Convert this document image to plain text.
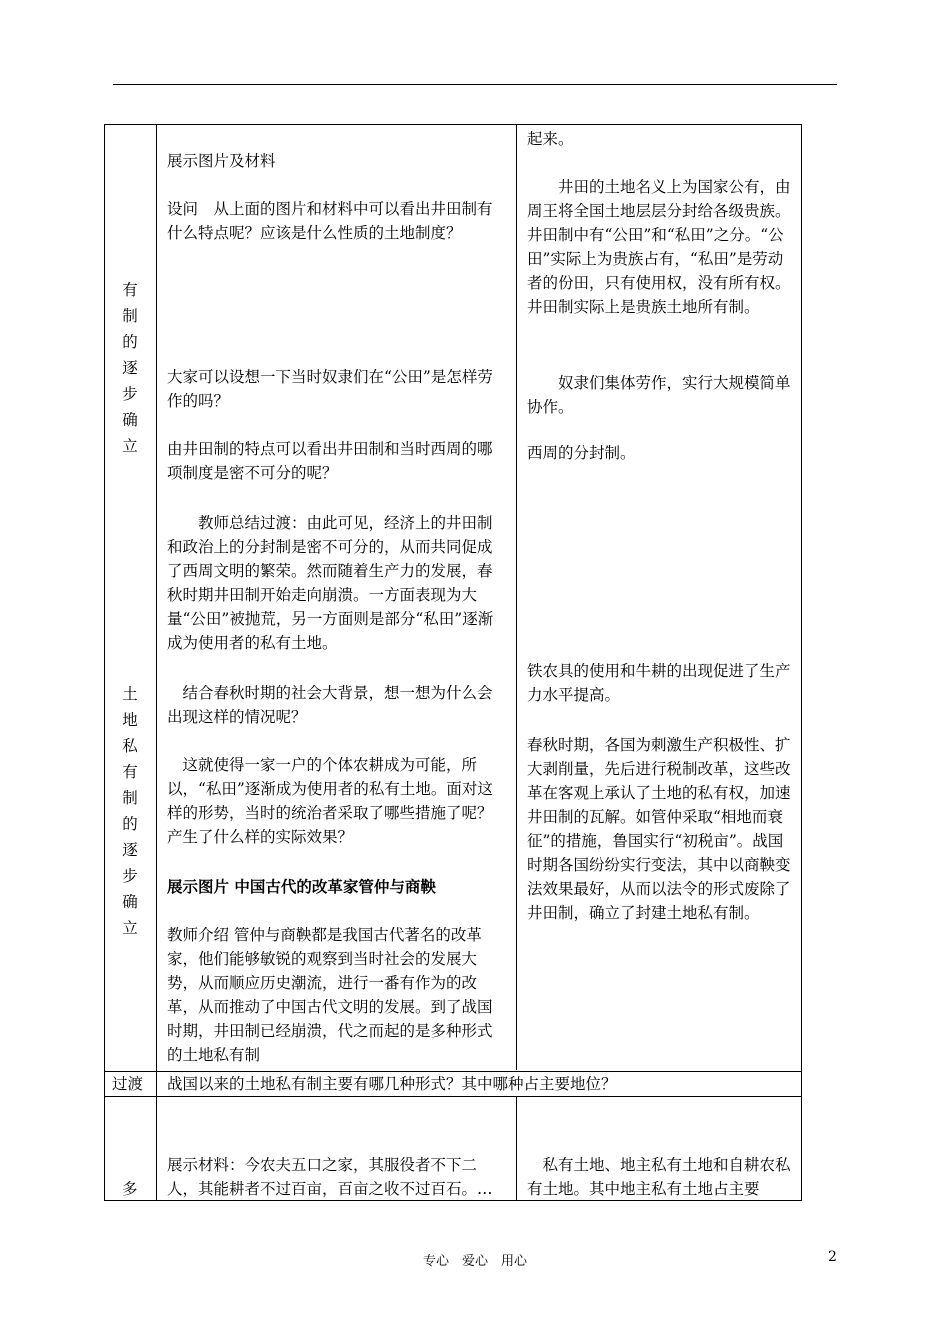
有
制
的
逐
步
确
立
土
地
私
有
制
的
逐
步
确
立
过渡
多

展示图片及材料

设问　从上面的图片和材料中可以看出井田制有什么特点呢？应该是什么性质的土地制度？

大家可以设想一下当时奴隶们在“公田”是怎样劳作的吗？

由井田制的特点可以看出井田制和当时西周的哪项制度是密不可分的呢？

　　教师总结过渡：由此可见，经济上的井田制和政治上的分封制是密不可分的，从而共同促成了西周文明的繁荣。然而随着生产力的发展，春秋时期井田制开始走向崩溃。一方面表现为大量“公田”被抛荒，另一方面则是部分“私田”逐渐成为使用者的私有土地。

　结合春秋时期的社会大背景，想一想为什么会出现这样的情况呢？

　这就使得一家一户的个体农耕成为可能，所以，“私田”逐渐成为使用者的私有土地。面对这样的形势，当时的统治者采取了哪些措施了呢？产生了什么样的实际效果？

展示图片 中国古代的改革家管仲与商鞅

教师介绍 管仲与商鞅都是我国古代著名的改革家，他们能够敏锐的观察到当时社会的发展大势，从而顺应历史潮流，进行一番有作为的改革，从而推动了中国古代文明的发展。到了战国时期，井田制已经崩溃，代之而起的是多种形式的土地私有制

战国以来的土地私有制主要有哪几种形式？其中哪种占主要地位？

展示材料：今农夫五口之家，其服役者不下二人，其能耕者不过百亩，百亩之收不过百石。…

起来。

　　井田的土地名义上为国家公有，由周王将全国土地层层分封给各级贵族。井田制中有“公田”和“私田”之分。“公田”实际上为贵族占有，“私田”是劳动者的份田，只有使用权，没有所有权。井田制实际上是贵族土地所有制。

　　奴隶们集体劳作，实行大规模简单协作。

西周的分封制。

铁农具的使用和牛耕的出现促进了生产力水平提高。

春秋时期，各国为刺激生产积极性、扩大剥削量，先后进行税制改革，这些改革在客观上承认了土地的私有权，加速井田制的瓦解。如管仲采取“相地而衰征”的措施，鲁国实行“初税亩”。战国时期各国纷纷实行变法，其中以商鞅变法效果最好，从而以法令的形式废除了井田制，确立了封建土地私有制。

　私有土地、地主私有土地和自耕农私有土地。其中地主私有土地占主要

专心　爱心　用心	2
